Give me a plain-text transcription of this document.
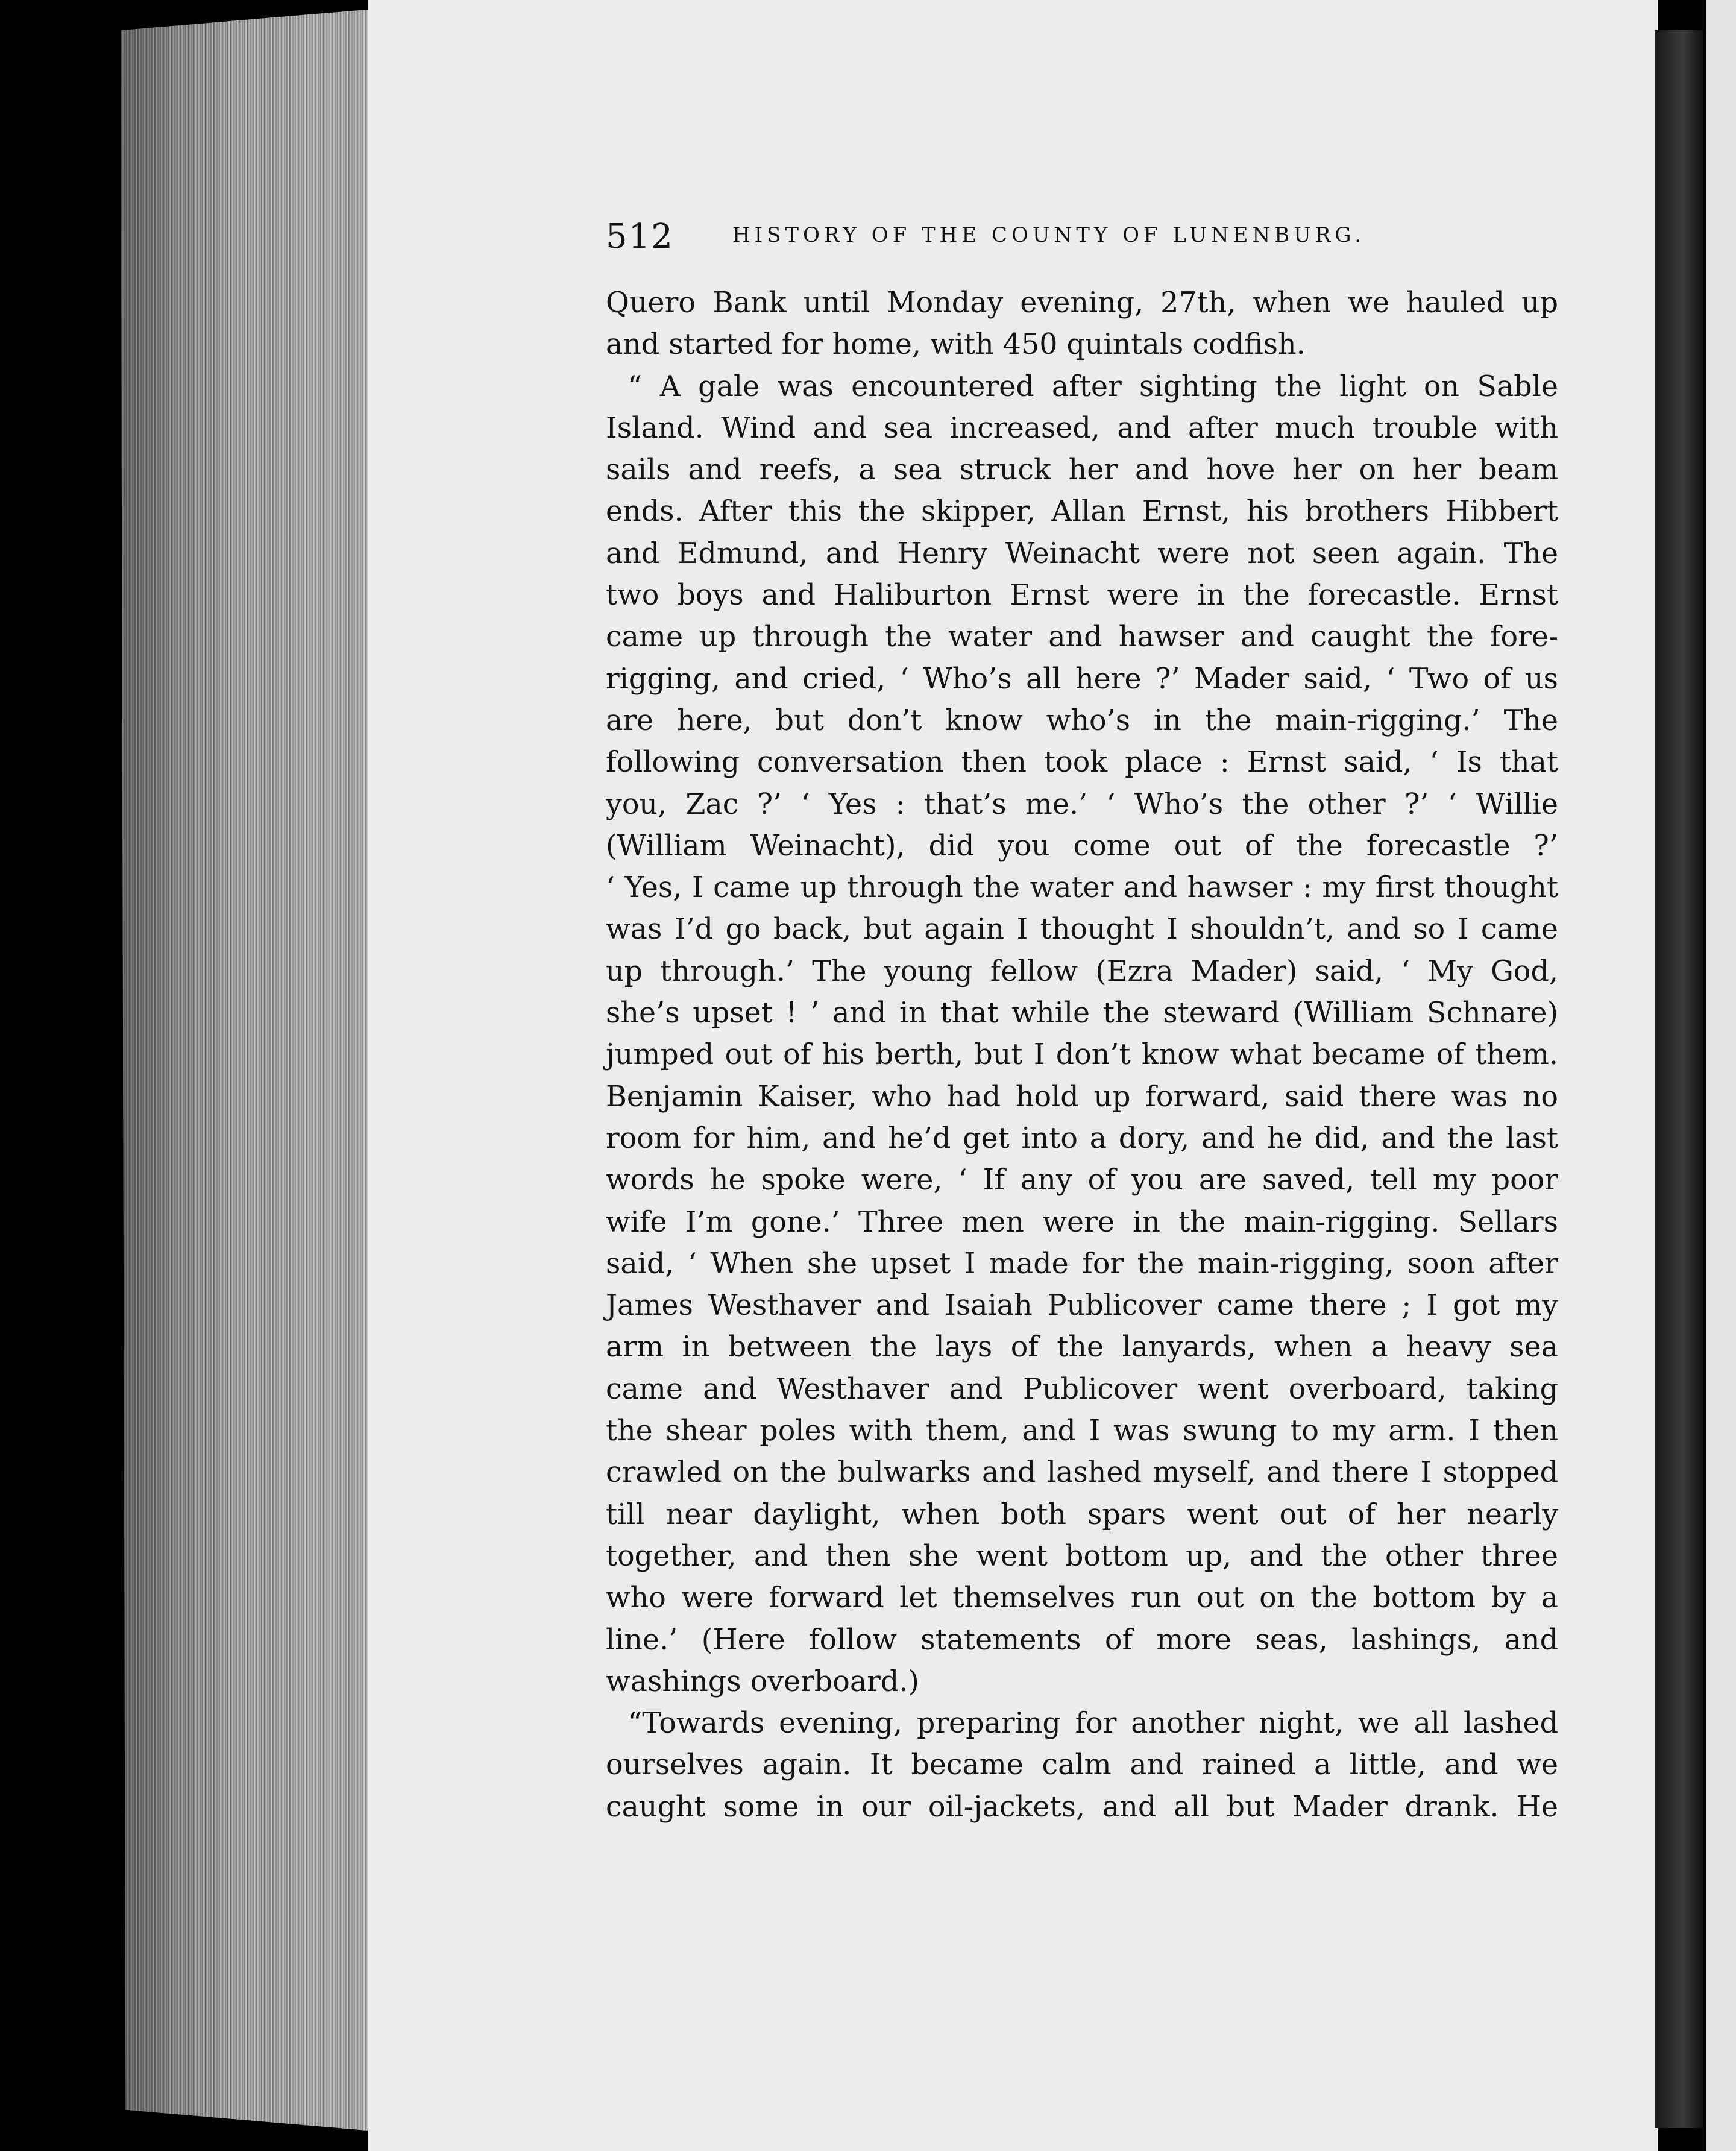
512	HISTORY OF THE COUNTY OF LUNENBURG.
Quero Bank until Monday evening, 27th, when we hauled up
and started for home, with 450 quintals codfish.
“ A gale was encountered after sighting the light on Sable
Island. Wind and sea increased, and after much trouble with
sails and reefs, a sea struck her and hove her on her beam
ends. After this the skipper, Allan Ernst, his brothers Hibbert
and Edmund, and Henry Weinacht were not seen again. The
two boys and Haliburton Ernst were in the forecastle. Ernst
came up through the water and hawser and caught the fore-
rigging, and cried, ‘ Who’s all here ?’ Mader said, ‘ Two of us
are here, but don’t know who’s in the main-rigging.’ The
following conversation then took place : Ernst said, ‘ Is that
you, Zac ?’ ‘ Yes : that’s me.’ ‘ Who’s the other ?’ ‘ Willie
(William Weinacht), did you come out of the forecastle ?’
‘ Yes, I came up through the water and hawser : my first thought
was I’d go back, but again I thought I shouldn’t, and so I came
up through.’ The young fellow (Ezra Mader) said, ‘ My God,
she’s upset ! ’ and in that while the steward (William Schnare)
jumped out of his berth, but I don’t know what became of them.
Benjamin Kaiser, who had hold up forward, said there was no
room for him, and he’d get into a dory, and he did, and the last
words he spoke were, ‘ If any of you are saved, tell my poor
wife I’m gone.’ Three men were in the main-rigging. Sellars
said, ‘ When she upset I made for the main-rigging, soon after
James Westhaver and Isaiah Publicover came there ; I got my
arm in between the lays of the lanyards, when a heavy sea
came and Westhaver and Publicover went overboard, taking
the shear poles with them, and I was swung to my arm. I then
crawled on the bulwarks and lashed myself, and there I stopped
till near daylight, when both spars went out of her nearly
together, and then she went bottom up, and the other three
who were forward let themselves run out on the bottom by a
line.’ (Here follow statements of more seas, lashings, and
washings overboard.)
“Towards evening, preparing for another night, we all lashed
ourselves again. It became calm and rained a little, and we
caught some in our oil-jackets, and all but Mader drank. He
